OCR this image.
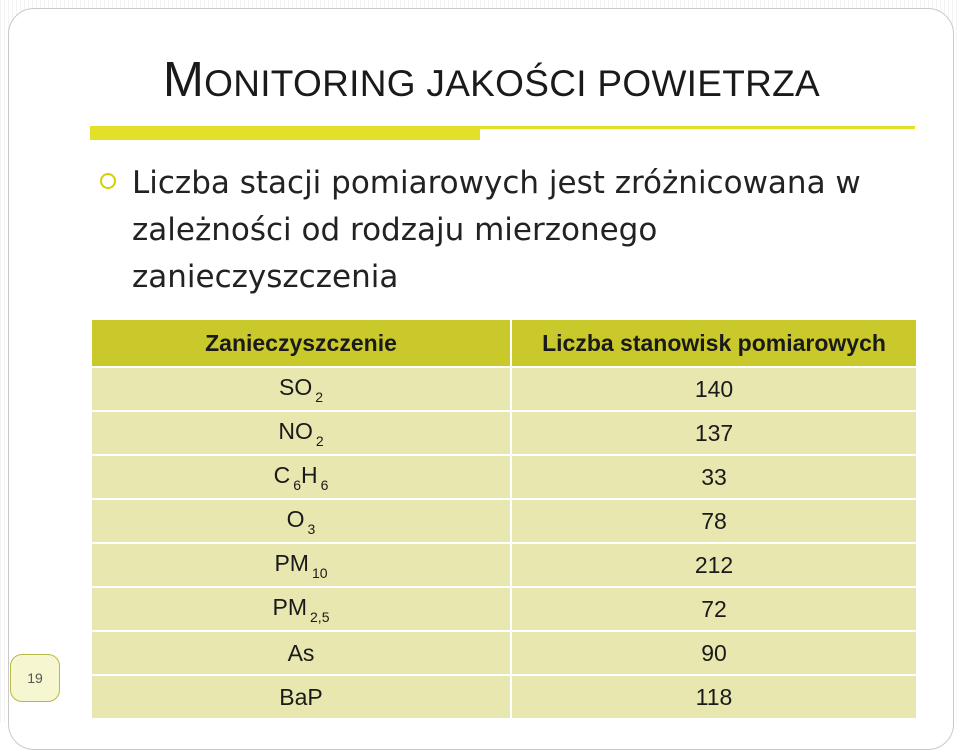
MONITORING JAKOŚCI POWIETRZA
Liczba stacji pomiarowych jest zróżnicowana w zależności od rodzaju mierzonego zanieczyszczenia
Zanieczyszczenie	Liczba stanowisk pomiarowych
SO $_2$	140
NO $_2$	137
C $_6$H $_6$	33
O $_3$	78
PM $_{10}$	212
PM $_{2,5}$	72
As	90
BaP	118
19
